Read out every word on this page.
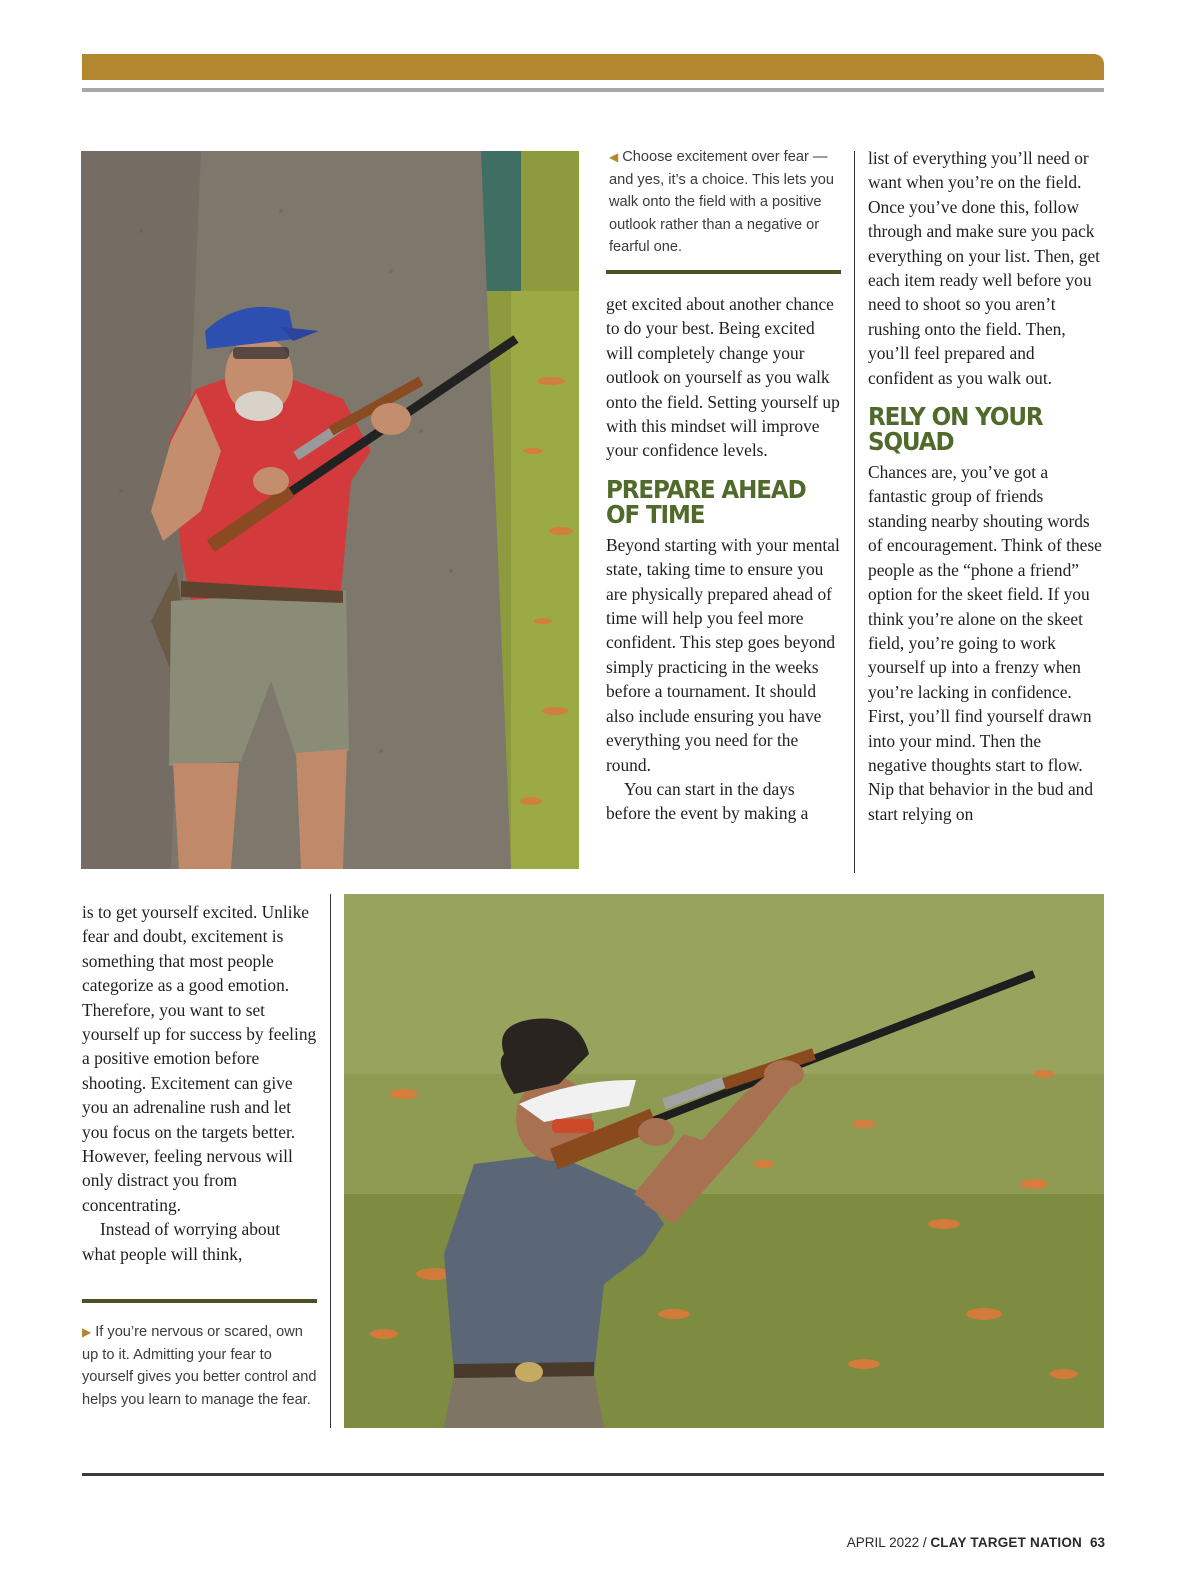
◀ Choose excitement over fear — and yes, it’s a choice. This lets you walk onto the field with a positive outlook rather than a negative or fearful one.

get excited about another chance to do your best. Being excited will completely change your outlook on yourself as you walk onto the field. Setting yourself up with this mindset will improve your confidence levels.

PREPARE AHEAD OF TIME

Beyond starting with your mental state, taking time to ensure you are physically prepared ahead of time will help you feel more confident. This step goes beyond simply practicing in the weeks before a tournament. It should also include ensuring you have everything you need for the round.

You can start in the days before the event by making a

list of everything you’ll need or want when you’re on the field. Once you’ve done this, follow through and make sure you pack everything on your list. Then, get each item ready well before you need to shoot so you aren’t rushing onto the field. Then, you’ll feel prepared and confident as you walk out.

RELY ON YOUR SQUAD

Chances are, you’ve got a fantastic group of friends standing nearby shouting words of encouragement. Think of these people as the “phone a friend” option for the skeet field. If you think you’re alone on the skeet field, you’re going to work yourself up into a frenzy when you’re lacking in confidence. First, you’ll find yourself drawn into your mind. Then the negative thoughts start to flow. Nip that behavior in the bud and start relying on

is to get yourself excited. Unlike fear and doubt, excitement is something that most people categorize as a good emotion. Therefore, you want to set yourself up for success by feeling a positive emotion before shooting. Excitement can give you an adrenaline rush and let you focus on the targets better. However, feeling nervous will only distract you from concentrating.

Instead of worrying about what people will think,

▶ If you’re nervous or scared, own up to it. Admitting your fear to yourself gives you better control and helps you learn to manage the fear.
APRIL 2022 / CLAY TARGET NATION 63
